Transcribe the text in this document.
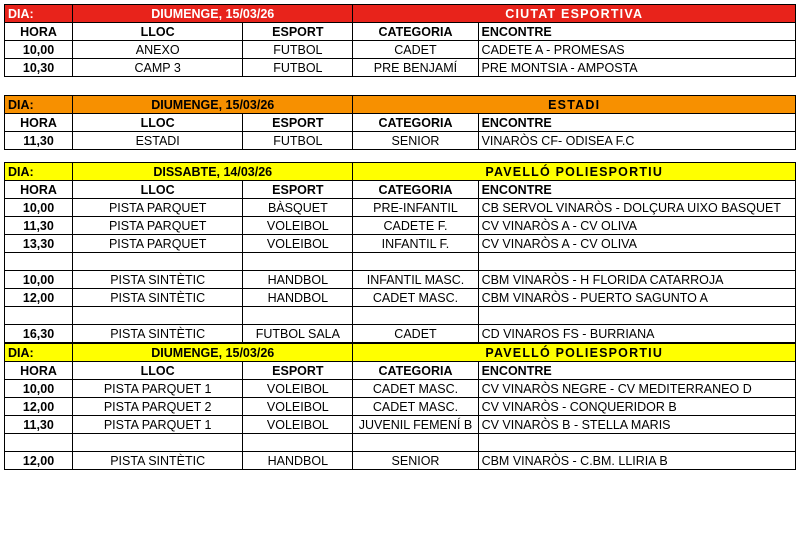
DIA:	DIUMENGE, 15/03/26		CIUTAT ESPORTIVA	
HORA	LLOC	ESPORT	CATEGORIA	ENCONTRE
10,00	ANEXO	FUTBOL	CADET	CADETE A - PROMESAS
10,30	CAMP 3	FUTBOL	PRE BENJAMÍ	PRE MONTSIA - AMPOSTA
DIA:	DIUMENGE, 15/03/26		ESTADI	
HORA	LLOC	ESPORT	CATEGORIA	ENCONTRE
11,30	ESTADI	FUTBOL	SENIOR	VINARÒS CF- ODISEA F.C
DIA:	DISSABTE, 14/03/26		PAVELLÓ POLIESPORTIU	
HORA	LLOC	ESPORT	CATEGORIA	ENCONTRE
10,00	PISTA PARQUET	BÀSQUET	PRE-INFANTIL	CB SERVOL VINARÒS - DOLÇURA UIXO BASQUET
11,30	PISTA PARQUET	VOLEIBOL	CADETE F.	CV VINARÒS A - CV OLIVA
13,30	PISTA PARQUET	VOLEIBOL	INFANTIL F.	CV VINARÒS A - CV OLIVA

10,00	PISTA SINTÈTIC	HANDBOL	INFANTIL MASC.	CBM VINARÒS - H FLORIDA CATARROJA
12,00	PISTA SINTÈTIC	HANDBOL	CADET MASC.	CBM VINARÒS - PUERTO SAGUNTO A

16,30	PISTA SINTÈTIC	FUTBOL SALA	CADET	CD VINAROS FS - BURRIANA
DIA:	DIUMENGE, 15/03/26		PAVELLÓ POLIESPORTIU	
HORA	LLOC	ESPORT	CATEGORIA	ENCONTRE
10,00	PISTA PARQUET 1	VOLEIBOL	CADET MASC.	CV VINARÒS NEGRE - CV MEDITERRANEO D
12,00	PISTA PARQUET 2	VOLEIBOL	CADET MASC.	CV VINARÒS - CONQUERIDOR B
11,30	PISTA PARQUET 1	VOLEIBOL	JUVENIL FEMENÍ B	CV VINARÒS B - STELLA MARIS

12,00	PISTA SINTÈTIC	HANDBOL	SENIOR	CBM VINARÒS - C.BM. LLIRIA B
